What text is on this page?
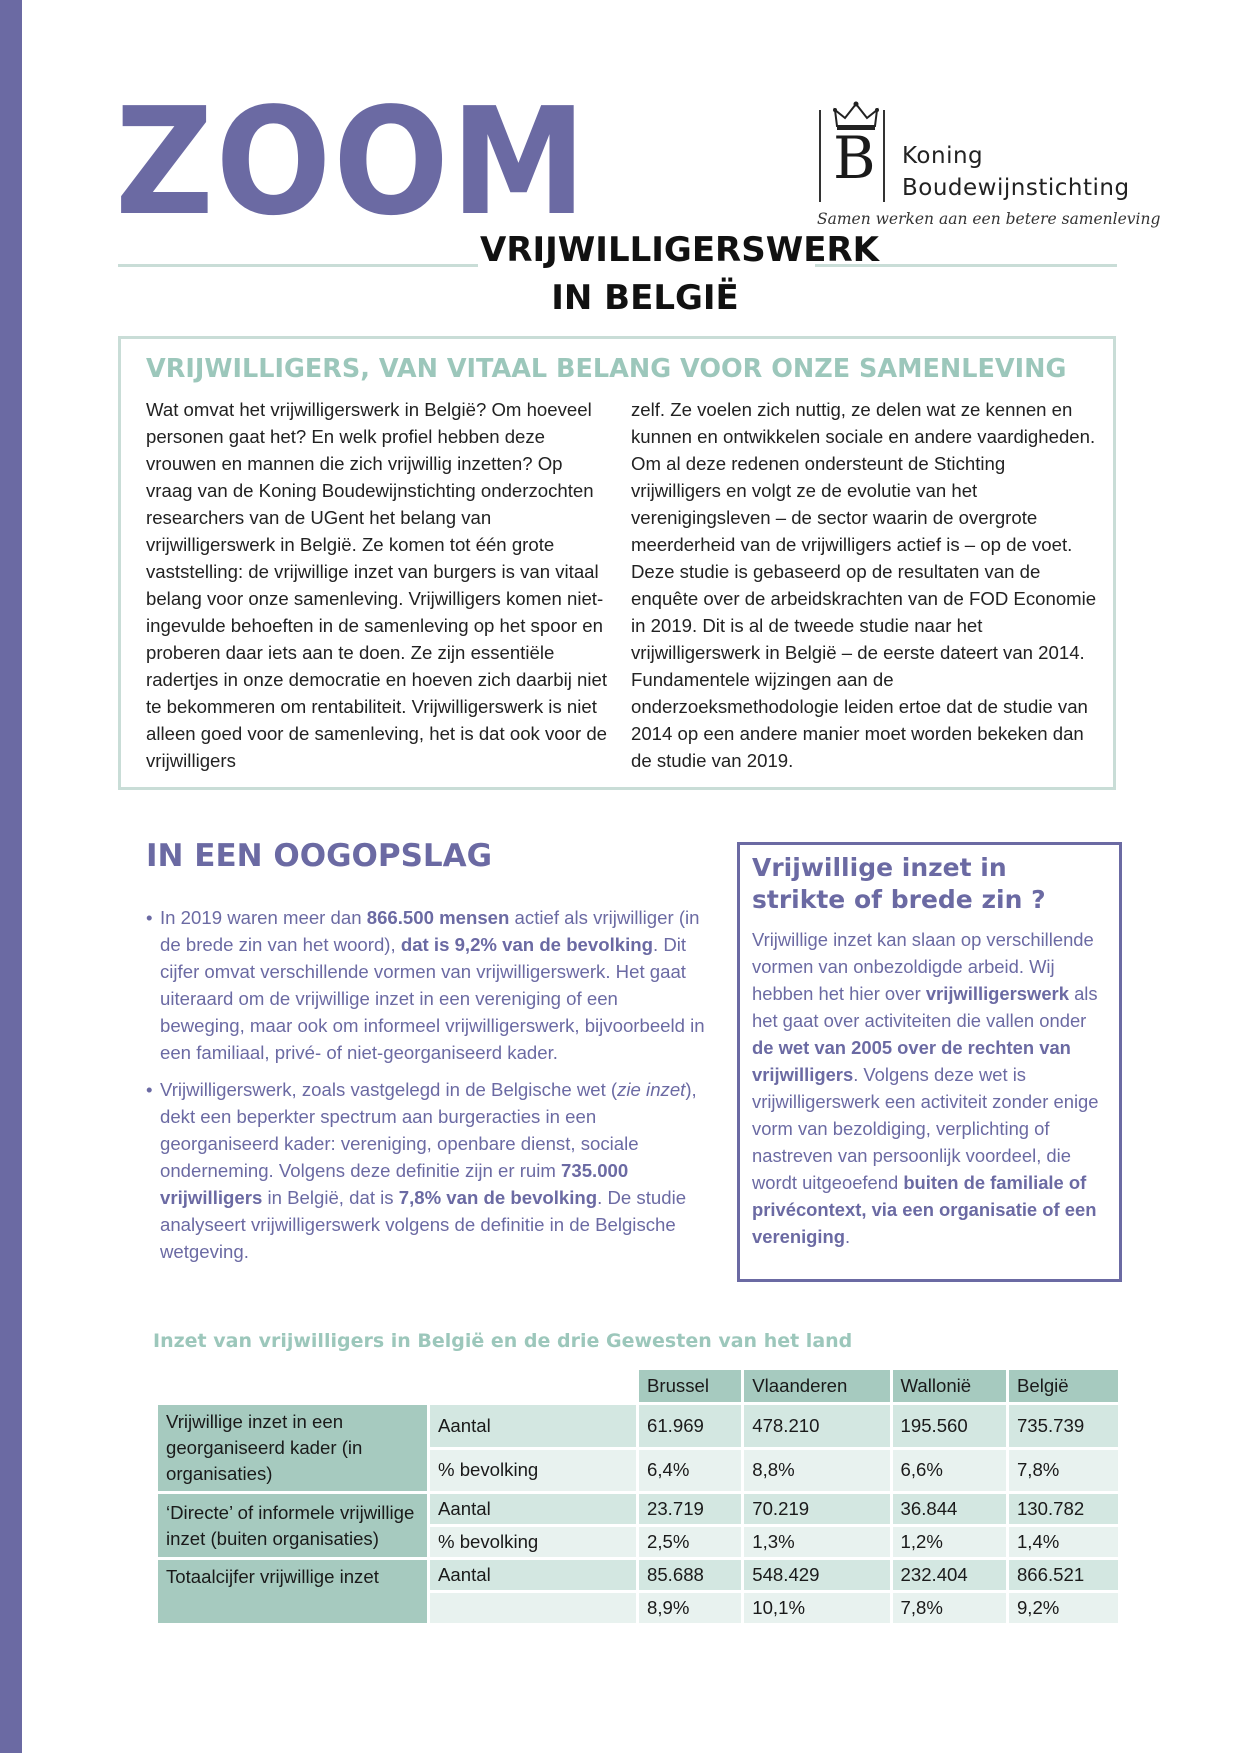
ZOOM
VRIJWILLIGERSWERK
IN BELGIË
B Koning
Boudewijnstichting
Samen werken aan een betere samenleving
VRIJWILLIGERS, VAN VITAAL BELANG VOOR ONZE SAMENLEVING

Wat omvat het vrijwilligerswerk in België? Om hoeveel personen gaat het? En welk profiel hebben deze vrouwen en mannen die zich vrijwillig inzetten? Op vraag van de Koning Boudewijnstichting onderzochten researchers van de UGent het belang van vrijwilligerswerk in België. Ze komen tot één grote vaststelling: de vrijwillige inzet van burgers is van vitaal belang voor onze samenleving. Vrijwilligers komen niet-ingevulde behoeften in de samenleving op het spoor en proberen daar iets aan te doen. Ze zijn essentiële radertjes in onze democratie en hoeven zich daarbij niet te bekommeren om rentabiliteit. Vrijwilligerswerk is niet alleen goed voor de samenleving, het is dat ook voor de vrijwilligers

zelf. Ze voelen zich nuttig, ze delen wat ze kennen en kunnen en ontwikkelen sociale en andere vaardigheden. Om al deze redenen ondersteunt de Stichting vrijwilligers en volgt ze de evolutie van het verenigingsleven – de sector waarin de overgrote meerderheid van de vrijwilligers actief is – op de voet. Deze studie is gebaseerd op de resultaten van de enquête over de arbeidskrachten van de FOD Economie in 2019. Dit is al de tweede studie naar het vrijwilligerswerk in België – de eerste dateert van 2014. Fundamentele wijzingen aan de onderzoeksmethodologie leiden ertoe dat de studie van 2014 op een andere manier moet worden bekeken dan de studie van 2019.

IN EEN OOGOPSLAG
• In 2019 waren meer dan 866.500 mensen actief als vrijwilliger (in de brede zin van het woord), dat is 9,2% van de bevolking. Dit cijfer omvat verschillende vormen van vrijwilligerswerk. Het gaat uiteraard om de vrijwillige inzet in een vereniging of een beweging, maar ook om informeel vrijwilligerswerk, bijvoorbeeld in een familiaal, privé- of niet-georganiseerd kader.
• Vrijwilligerswerk, zoals vastgelegd in de Belgische wet (zie inzet), dekt een beperkter spectrum aan burgeracties in een georganiseerd kader: vereniging, openbare dienst, sociale onderneming. Volgens deze definitie zijn er ruim 735.000 vrijwilligers in België, dat is 7,8% van de bevolking. De studie analyseert vrijwilligerswerk volgens de definitie in de Belgische wetgeving.
Vrijwillige inzet in strikte of brede zin ?

Vrijwillige inzet kan slaan op verschillende vormen van onbezoldigde arbeid. Wij hebben het hier over vrijwilligerswerk als het gaat over activiteiten die vallen onder de wet van 2005 over de rechten van vrijwilligers. Volgens deze wet is vrijwilligerswerk een activiteit zonder enige vorm van bezoldiging, verplichting of nastreven van persoonlijk voordeel, die wordt uitgeoefend buiten de familiale of privécontext, via een organisatie of een vereniging.

Inzet van vrijwilligers in België en de drie Gewesten van het land
		Brussel	Vlaanderen	Wallonië	België
Vrijwillige inzet in een georganiseerd kader (in organisaties)	Aantal	61.969	478.210	195.560	735.739
	% bevolking	6,4%	8,8%	6,6%	7,8%
‘Directe’ of informele vrijwillige inzet (buiten organisaties)	Aantal	23.719	70.219	36.844	130.782
	% bevolking	2,5%	1,3%	1,2%	1,4%
Totaalcijfer vrijwillige inzet	Aantal	85.688	548.429	232.404	866.521
		8,9%	10,1%	7,8%	9,2%
